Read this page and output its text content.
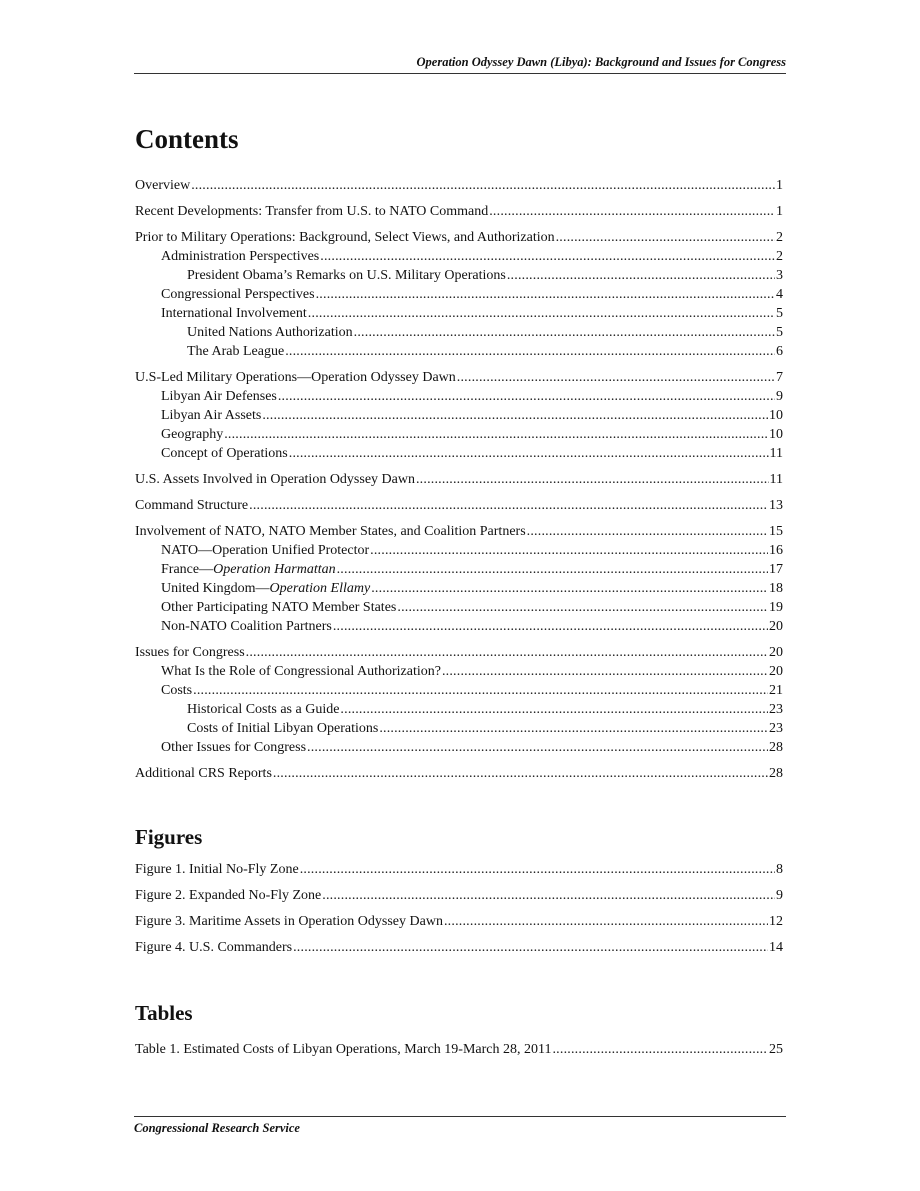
Operation Odyssey Dawn (Libya): Background and Issues for Congress
Contents
Overview .....	1
Recent Developments: Transfer from U.S. to NATO Command .....	1
Prior to Military Operations: Background, Select Views, and Authorization .....	2
Administration Perspectives .....	2
President Obama’s Remarks on U.S. Military Operations .....	3
Congressional Perspectives .....	4
International Involvement .....	5
United Nations Authorization .....	5
The Arab League .....	6
U.S-Led Military Operations—Operation Odyssey Dawn .....	7
Libyan Air Defenses .....	9
Libyan Air Assets .....	10
Geography .....	10
Concept of Operations .....	11
U.S. Assets Involved in Operation Odyssey Dawn .....	11
Command Structure .....	13
Involvement of NATO, NATO Member States, and Coalition Partners .....	15
NATO—Operation Unified Protector .....	16
France—Operation Harmattan .....	17
United Kingdom—Operation Ellamy .....	18
Other Participating NATO Member States .....	19
Non-NATO Coalition Partners .....	20
Issues for Congress .....	20
What Is the Role of Congressional Authorization? .....	20
Costs .....	21
Historical Costs as a Guide .....	23
Costs of Initial Libyan Operations .....	23
Other Issues for Congress .....	28
Additional CRS Reports .....	28
Figures
Figure 1. Initial No-Fly Zone .....	8
Figure 2. Expanded No-Fly Zone .....	9
Figure 3. Maritime Assets in Operation Odyssey Dawn .....	12
Figure 4. U.S. Commanders .....	14
Tables
Table 1. Estimated Costs of Libyan Operations, March 19-March 28, 2011 .....	25
Congressional Research Service
